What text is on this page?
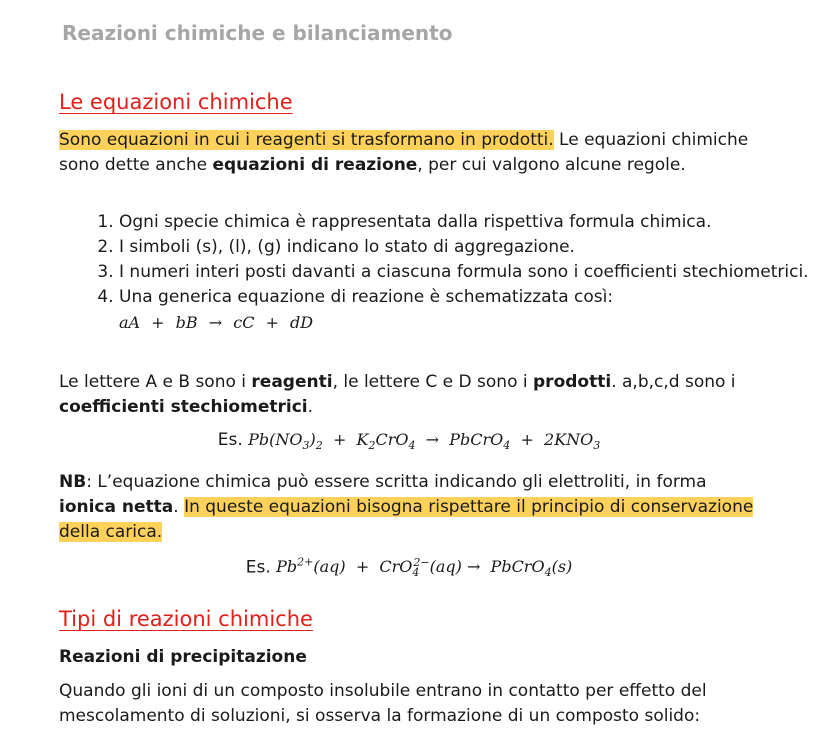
Reazioni chimiche e bilanciamento
Le equazioni chimiche

Sono equazioni in cui i reagenti si trasformano in prodotti. Le equazioni chimiche sono dette anche equazioni di reazione, per cui valgono alcune regole.

1. Ogni specie chimica è rappresentata dalla rispettiva formula chimica.
2. I simboli (s), (l), (g) indicano lo stato di aggregazione.
3. I numeri interi posti davanti a ciascuna formula sono i coefficienti stechiometrici.
4. Una generica equazione di reazione è schematizzata così:
aA + bB → cC + dD

Le lettere A e B sono i reagenti, le lettere C e D sono i prodotti. a,b,c,d sono i coefficienti stechiometrici.

Es. $Pb(NO_3)_2 + K_2CrO_4$  →  PbCrO$_4$  +  $2KNO_3$

NB: L’equazione chimica può essere scritta indicando gli elettroliti, in forma ionica netta. In queste equazioni bisogna rispettare il principio di conservazione della carica.

Es. $Pb^{2+}(aq) + CrO_4^{2-}(aq)$ →  PbCrO$_4$(s)
Tipi di reazioni chimiche
Reazioni di precipitazione

Quando gli ioni di un composto insolubile entrano in contatto per effetto del mescolamento di soluzioni, si osserva la formazione di un composto solido:
